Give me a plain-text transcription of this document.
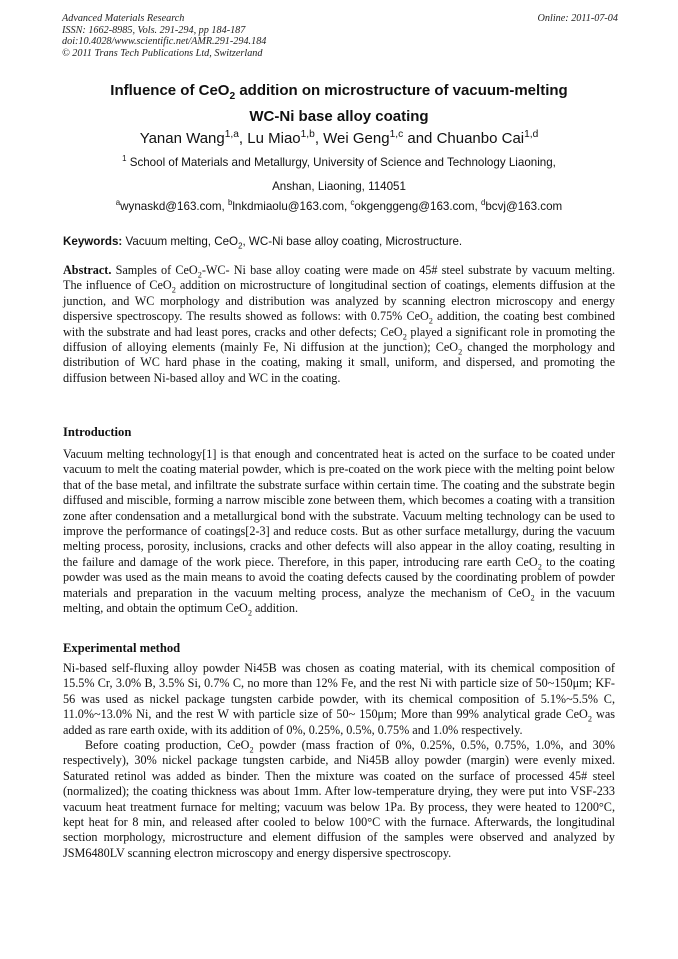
Advanced Materials Research
ISSN: 1662-8985, Vols. 291-294, pp 184-187
doi:10.4028/www.scientific.net/AMR.291-294.184
© 2011 Trans Tech Publications Ltd, Switzerland
Online: 2011-07-04
Influence of CeO$_2$ addition on microstructure of vacuum-melting
WC-Ni base alloy coating
Yanan Wang$^{1,a}$, Lu Miao$^{1,b}$, Wei Geng$^{1,c}$ and Chuanbo Cai$^{1,d}$
$^1$ School of Materials and Metallurgy, University of Science and Technology Liaoning,
Anshan, Liaoning, 114051
$^a$wynaskd@163.com, $^b$lnkdmiaolu@163.com, $^c$okgenggeng@163.com, $^d$bcvj@163.com
Keywords: Vacuum melting, CeO$_2$, WC-Ni base alloy coating, Microstructure.
Abstract. Samples of CeO$_2$-WC- Ni base alloy coating were made on 45# steel substrate by vacuum melting. The influence of CeO$_2$ addition on microstructure of longitudinal section of coatings, elements diffusion at the junction, and WC morphology and distribution was analyzed by scanning electron microscopy and energy dispersive spectroscopy. The results showed as follows: with 0.75% CeO$_2$ addition, the coating best combined with the substrate and had least pores, cracks and other defects; CeO$_2$ played a significant role in promoting the diffusion of alloying elements (mainly Fe, Ni diffusion at the junction); CeO$_2$ changed the morphology and distribution of WC hard phase in the coating, making it small, uniform, and dispersed, and promoting the diffusion between Ni-based alloy and WC in the coating.
Introduction
Vacuum melting technology[1] is that enough and concentrated heat is acted on the surface to be coated under vacuum to melt the coating material powder, which is pre-coated on the work piece with the melting point below that of the base metal, and infiltrate the substrate surface within certain time. The coating and the substrate begin diffused and miscible, forming a narrow miscible zone between them, which becomes a coating with a transition zone after condensation and a metallurgical bond with the substrate. Vacuum melting technology can be used to improve the performance of coatings[2-3] and reduce costs. But as other surface metallurgy, during the vacuum melting process, porosity, inclusions, cracks and other defects will also appear in the alloy coating, resulting in the failure and damage of the work piece. Therefore, in this paper, introducing rare earth CeO$_2$ to the coating powder was used as the main means to avoid the coating defects caused by the coordinating problem of powder materials and preparation in the vacuum melting process, analyze the mechanism of CeO$_2$ in the vacuum melting, and obtain the optimum CeO$_2$ addition.
Experimental method
Ni-based self-fluxing alloy powder Ni45B was chosen as coating material, with its chemical composition of 15.5% Cr, 3.0% B, 3.5% Si, 0.7% C, no more than 12% Fe, and the rest Ni with particle size of 50~150μm; KF-56 was used as nickel package tungsten carbide powder, with its chemical composition of 5.1%~5.5% C, 11.0%~13.0% Ni, and the rest W with particle size of 50~ 150μm; More than 99% analytical grade CeO$_2$ was added as rare earth oxide, with its addition of 0%, 0.25%, 0.5%, 0.75% and 1.0% respectively.
Before coating production, CeO$_2$ powder (mass fraction of 0%, 0.25%, 0.5%, 0.75%, 1.0%, and 30% respectively), 30% nickel package tungsten carbide, and Ni45B alloy powder (margin) were evenly mixed. Saturated retinol was added as binder. Then the mixture was coated on the surface of processed 45# steel (normalized); the coating thickness was about 1mm. After low-temperature drying, they were put into VSF-233 vacuum heat treatment furnace for melting; vacuum was below 1Pa. By process, they were heated to 1200°C, kept heat for 8 min, and released after cooled to below 100°C with the furnace. Afterwards, the longitudinal section morphology, microstructure and element diffusion of the samples were observed and analyzed by JSM6480LV scanning electron microscopy and energy dispersive spectroscopy.
